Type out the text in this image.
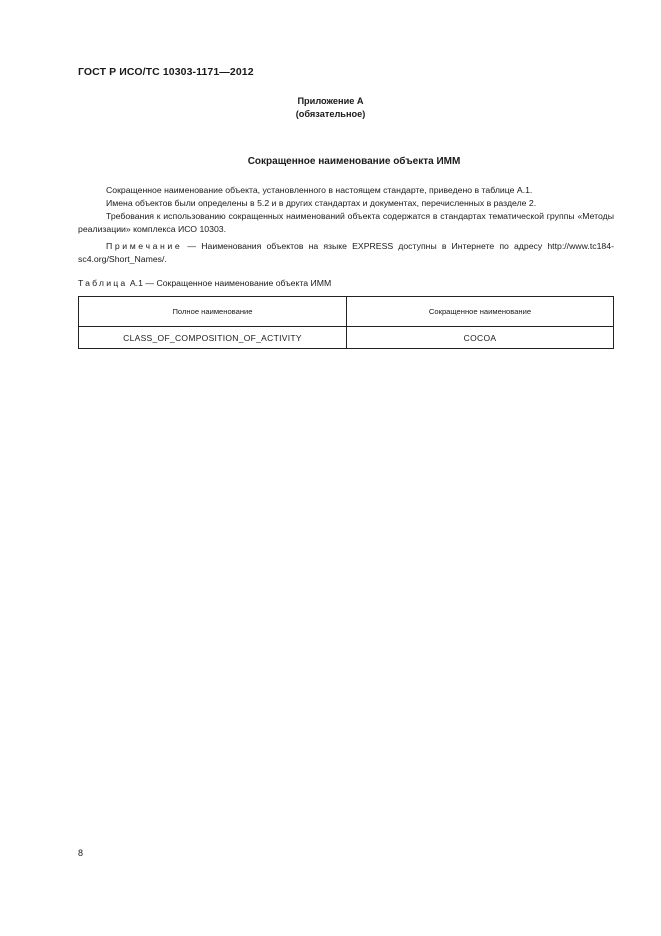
ГОСТ Р ИСО/ТС 10303-1171—2012
Приложение А
(обязательное)
Сокращенное наименование объекта ИММ
Сокращенное наименование объекта, установленного в настоящем стандарте, приведено в таблице А.1.
Имена объектов были определены в 5.2 и в других стандартах и документах, перечисленных в разделе 2.
Требования к использованию сокращенных наименований объекта содержатся в стандартах тематической группы «Методы реализации» комплекса ИСО 10303.
Примечание — Наименования объектов на языке EXPRESS доступны в Интернете по адресу http://www.tc184-sc4.org/Short_Names/.
Таблица А.1 — Сокращенное наименование объекта ИММ
Полное наименование	Сокращенное наименование
CLASS_OF_COMPOSITION_OF_ACTIVITY	COCOA
8
